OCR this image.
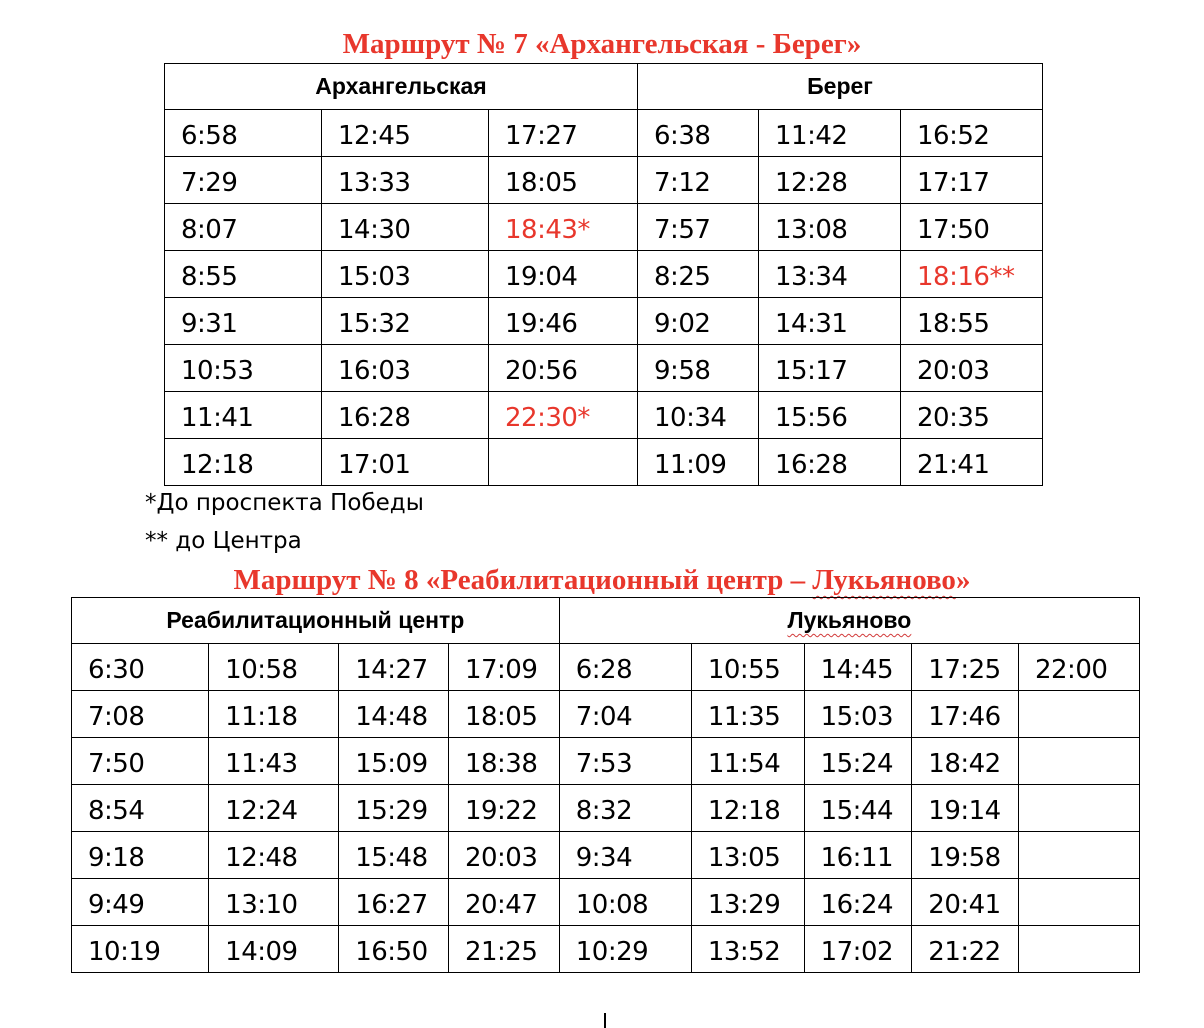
Маршрут № 7 «Архангельская - Берег»
Архангельская			Берег		

6:58	12:45	17:27	6:38	11:42	16:52

7:29	13:33	18:05	7:12	12:28	17:17

8:07	14:30	18:43*	7:57	13:08	17:50

8:55	15:03	19:04	8:25	13:34	18:16**

9:31	15:32	19:46	9:02	14:31	18:55

10:53	16:03	20:56	9:58	15:17	20:03

11:41	16:28	22:30*	10:34	15:56	20:35

12:18	17:01		11:09	16:28	21:41
*До проспекта Победы
** до Центра
Маршрут № 8 «Реабилитационный центр – Лукьяново»
Реабилитационный центр				Лукьяново				

6:30	10:58	14:27	17:09	6:28	10:55	14:45	17:25	22:00

7:08	11:18	14:48	18:05	7:04	11:35	15:03	17:46	

7:50	11:43	15:09	18:38	7:53	11:54	15:24	18:42	

8:54	12:24	15:29	19:22	8:32	12:18	15:44	19:14	

9:18	12:48	15:48	20:03	9:34	13:05	16:11	19:58	

9:49	13:10	16:27	20:47	10:08	13:29	16:24	20:41	

10:19	14:09	16:50	21:25	10:29	13:52	17:02	21:22	
